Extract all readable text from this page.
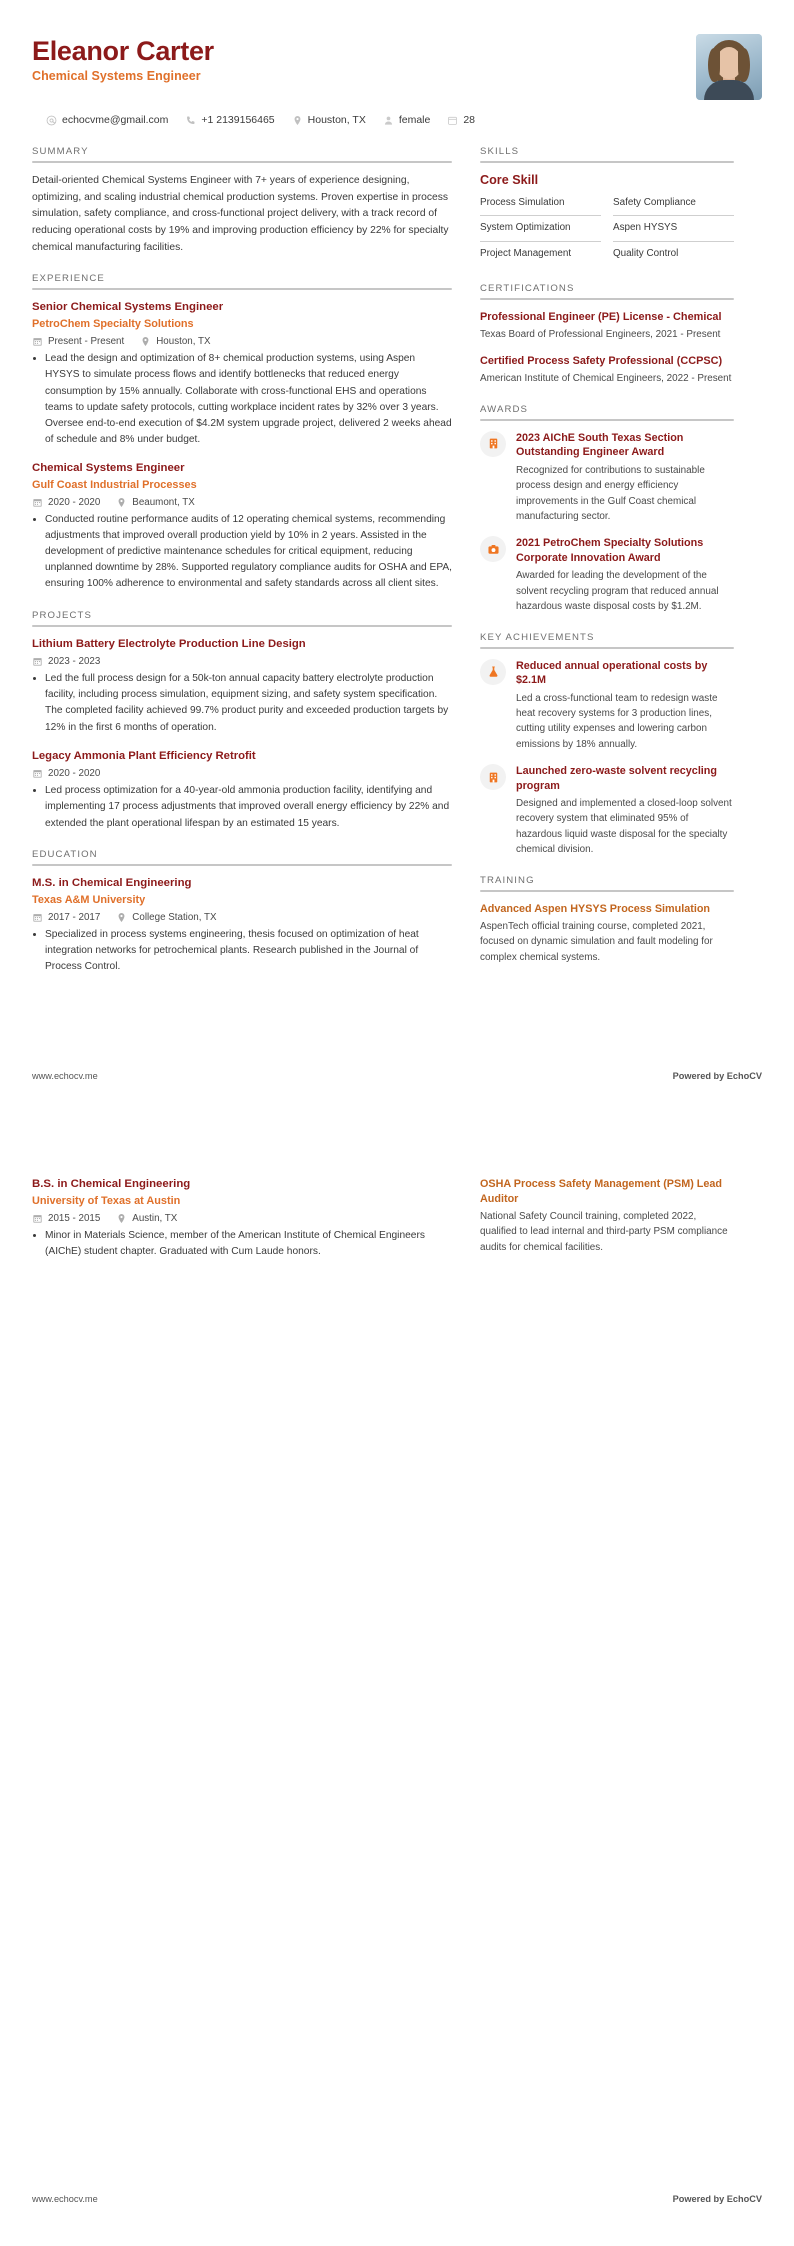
Eleanor Carter
Chemical Systems Engineer
echocvme@gmail.com	+1 2139156465	Houston, TX	female	28
SUMMARY
Detail-oriented Chemical Systems Engineer with 7+ years of experience designing, optimizing, and scaling industrial chemical production systems. Proven expertise in process simulation, safety compliance, and cross-functional project delivery, with a track record of reducing operational costs by 19% and improving production efficiency by 22% for specialty chemical manufacturing facilities.
EXPERIENCE
Senior Chemical Systems Engineer
PetroChem Specialty Solutions
Present - Present	Houston, TX
• Lead the design and optimization of 8+ chemical production systems, using Aspen HYSYS to simulate process flows and identify bottlenecks that reduced energy consumption by 15% annually. Collaborate with cross-functional EHS and operations teams to update safety protocols, cutting workplace incident rates by 32% over 3 years. Oversee end-to-end execution of $4.2M system upgrade project, delivered 2 weeks ahead of schedule and 8% under budget.
Chemical Systems Engineer
Gulf Coast Industrial Processes
2020 - 2020	Beaumont, TX
• Conducted routine performance audits of 12 operating chemical systems, recommending adjustments that improved overall production yield by 10% in 2 years. Assisted in the development of predictive maintenance schedules for critical equipment, reducing unplanned downtime by 28%. Supported regulatory compliance audits for OSHA and EPA, ensuring 100% adherence to environmental and safety standards across all client sites.
PROJECTS
Lithium Battery Electrolyte Production Line Design
2023 - 2023
• Led the full process design for a 50k-ton annual capacity battery electrolyte production facility, including process simulation, equipment sizing, and safety system specification. The completed facility achieved 99.7% product purity and exceeded production targets by 12% in the first 6 months of operation.
Legacy Ammonia Plant Efficiency Retrofit
2020 - 2020
• Led process optimization for a 40-year-old ammonia production facility, identifying and implementing 17 process adjustments that improved overall energy efficiency by 22% and extended the plant operational lifespan by an estimated 15 years.
EDUCATION
M.S. in Chemical Engineering
Texas A&M University
2017 - 2017	College Station, TX
• Specialized in process systems engineering, thesis focused on optimization of heat integration networks for petrochemical plants. Research published in the Journal of Process Control.
SKILLS
Core Skill
Process Simulation	Safety Compliance
System Optimization	Aspen HYSYS
Project Management	Quality Control
CERTIFICATIONS
Professional Engineer (PE) License - Chemical
Texas Board of Professional Engineers, 2021 - Present
Certified Process Safety Professional (CCPSC)
American Institute of Chemical Engineers, 2022 - Present
AWARDS
2023 AIChE South Texas Section Outstanding Engineer Award
Recognized for contributions to sustainable process design and energy efficiency improvements in the Gulf Coast chemical manufacturing sector.
2021 PetroChem Specialty Solutions Corporate Innovation Award
Awarded for leading the development of the solvent recycling program that reduced annual hazardous waste disposal costs by $1.2M.
KEY ACHIEVEMENTS
Reduced annual operational costs by $2.1M
Led a cross-functional team to redesign waste heat recovery systems for 3 production lines, cutting utility expenses and lowering carbon emissions by 18% annually.
Launched zero-waste solvent recycling program
Designed and implemented a closed-loop solvent recovery system that eliminated 95% of hazardous liquid waste disposal for the specialty chemical division.
TRAINING
Advanced Aspen HYSYS Process Simulation
AspenTech official training course, completed 2021, focused on dynamic simulation and fault modeling for complex chemical systems.
www.echocv.me	Powered by EchoCV
B.S. in Chemical Engineering
University of Texas at Austin
2015 - 2015	Austin, TX
• Minor in Materials Science, member of the American Institute of Chemical Engineers (AIChE) student chapter. Graduated with Cum Laude honors.
OSHA Process Safety Management (PSM) Lead Auditor
National Safety Council training, completed 2022, qualified to lead internal and third-party PSM compliance audits for chemical facilities.
www.echocv.me	Powered by EchoCV
